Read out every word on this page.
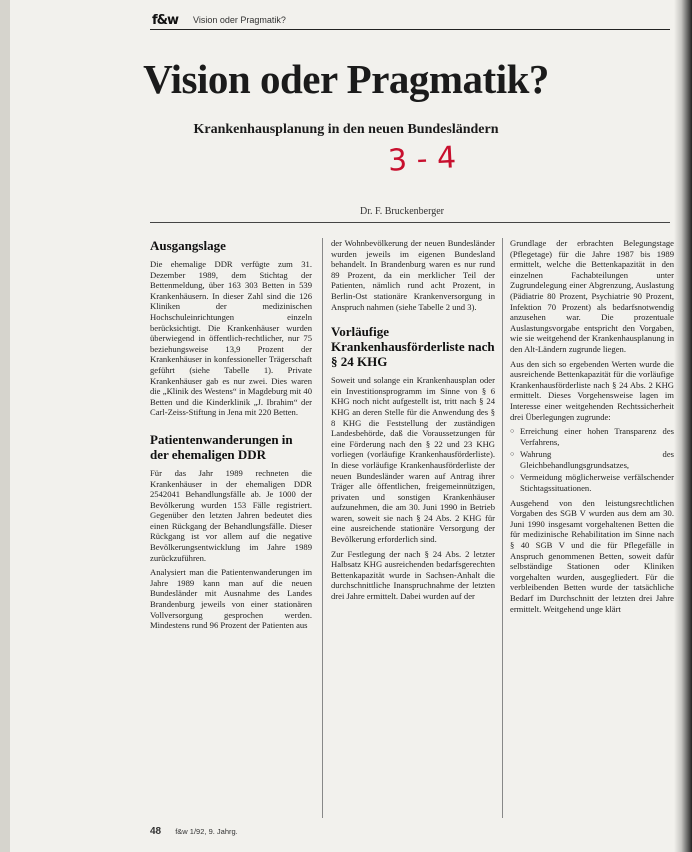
f&w Vision oder Pragmatik?
Vision oder Pragmatik?
Krankenhausplanung in den neuen Bundesländern
3 - 4
Dr. F. Bruckenberger
Ausgangslage

Die ehemalige DDR verfügte zum 31. Dezember 1989, dem Stichtag der Bettenmeldung, über 163 303 Betten in 539 Krankenhäusern. In dieser Zahl sind die 126 Kliniken der medizinischen Hochschuleinrichtungen einzeln berücksichtigt. Die Krankenhäuser wurden überwiegend in öffentlich-rechtlicher, nur 75 beziehungsweise 13,9 Prozent der Krankenhäuser in konfessioneller Trägerschaft geführt (siehe Tabelle 1). Private Krankenhäuser gab es nur zwei. Dies waren die „Klinik des Westens“ in Magdeburg mit 40 Betten und die Kinderklinik „J. Ibrahim“ der Carl-Zeiss-Stiftung in Jena mit 220 Betten.

Patientenwanderungen in der ehemaligen DDR

Für das Jahr 1989 rechneten die Krankenhäuser in der ehemaligen DDR 2542041 Behandlungsfälle ab. Je 1000 der Bevölkerung wurden 153 Fälle registriert. Gegenüber den letzten Jahren bedeutet dies einen Rückgang der Behandlungsfälle. Dieser Rückgang ist vor allem auf die negative Bevölkerungsentwicklung im Jahre 1989 zurückzuführen.

Analysiert man die Patientenwanderungen im Jahre 1989 kann man auf die neuen Bundesländer mit Ausnahme des Landes Brandenburg jeweils von einer stationären Vollversorgung gesprochen werden. Mindestens rund 96 Prozent der Patienten aus

der Wohnbevölkerung der neuen Bundesländer wurden jeweils im eigenen Bundesland behandelt. In Brandenburg waren es nur rund 89 Prozent, da ein merklicher Teil der Patienten, nämlich rund acht Prozent, in Berlin-Ost stationäre Krankenversorgung in Anspruch nahmen (siehe Tabelle 2 und 3).

Vorläufige Krankenhausförderliste nach § 24 KHG

Soweit und solange ein Krankenhausplan oder ein Investitionsprogramm im Sinne von § 6 KHG noch nicht aufgestellt ist, tritt nach § 24 KHG an deren Stelle für die Anwendung des § 8 KHG die Feststellung der zuständigen Landesbehörde, daß die Voraussetzungen für eine Förderung nach den § 22 und 23 KHG vorliegen (vorläufige Krankenhausförderliste). In diese vorläufige Krankenhausförderliste der neuen Bundesländer waren auf Antrag ihrer Träger alle öffentlichen, freigemeinnützigen, privaten und sonstigen Krankenhäuser aufzunehmen, die am 30. Juni 1990 in Betrieb waren, soweit sie nach § 24 Abs. 2 KHG für eine ausreichende stationäre Versorgung der Bevölkerung erforderlich sind.

Zur Festlegung der nach § 24 Abs. 2 letzter Halbsatz KHG ausreichenden bedarfsgerechten Bettenkapazität wurde in Sachsen-Anhalt die durchschnittliche Inanspruchnahme der letzten drei Jahre ermittelt. Dabei wurden auf der

Grundlage der erbrachten Belegungstage (Pflegetage) für die Jahre 1987 bis 1989 ermittelt, welche die Bettenkapazität in den einzelnen Fachabteilungen unter Zugrundelegung einer Abgrenzung, Auslastung (Pädiatrie 80 Prozent, Psychiatrie 90 Prozent, Infektion 70 Prozent) als bedarfsnotwendig anzusehen war. Die prozentuale Auslastungsvorgabe entspricht den Vorgaben, wie sie weitgehend der Krankenhausplanung in den Alt-Ländern zugrunde liegen.

Aus den sich so ergebenden Werten wurde die ausreichende Bettenkapazität für die vorläufige Krankenhausförderliste nach § 24 Abs. 2 KHG ermittelt. Dieses Vorgehensweise lagen im Interesse einer weitgehenden Rechtssicherheit drei Überlegungen zugrunde:

○ Erreichung einer hohen Transparenz des Verfahrens,
○ Wahrung des Gleichbehandlungsgrundsatzes,
○ Vermeidung möglicherweise verfälschender Stichtagssituationen.

Ausgehend von den leistungsrechtlichen Vorgaben des SGB V wurden aus dem am 30. Juni 1990 insgesamt vorgehaltenen Betten die für medizinische Rehabilitation im Sinne nach § 40 SGB V und die für Pflegefälle in Anspruch genommenen Betten, soweit dafür selbständige Stationen oder Kliniken vorgehalten wurden, ausgegliedert. Für die verbleibenden Betten wurde der tatsächliche Bedarf im Durchschnitt der letzten drei Jahre ermittelt. Weitgehend unge klärt

48 f&w 1/92, 9. Jahrg.
